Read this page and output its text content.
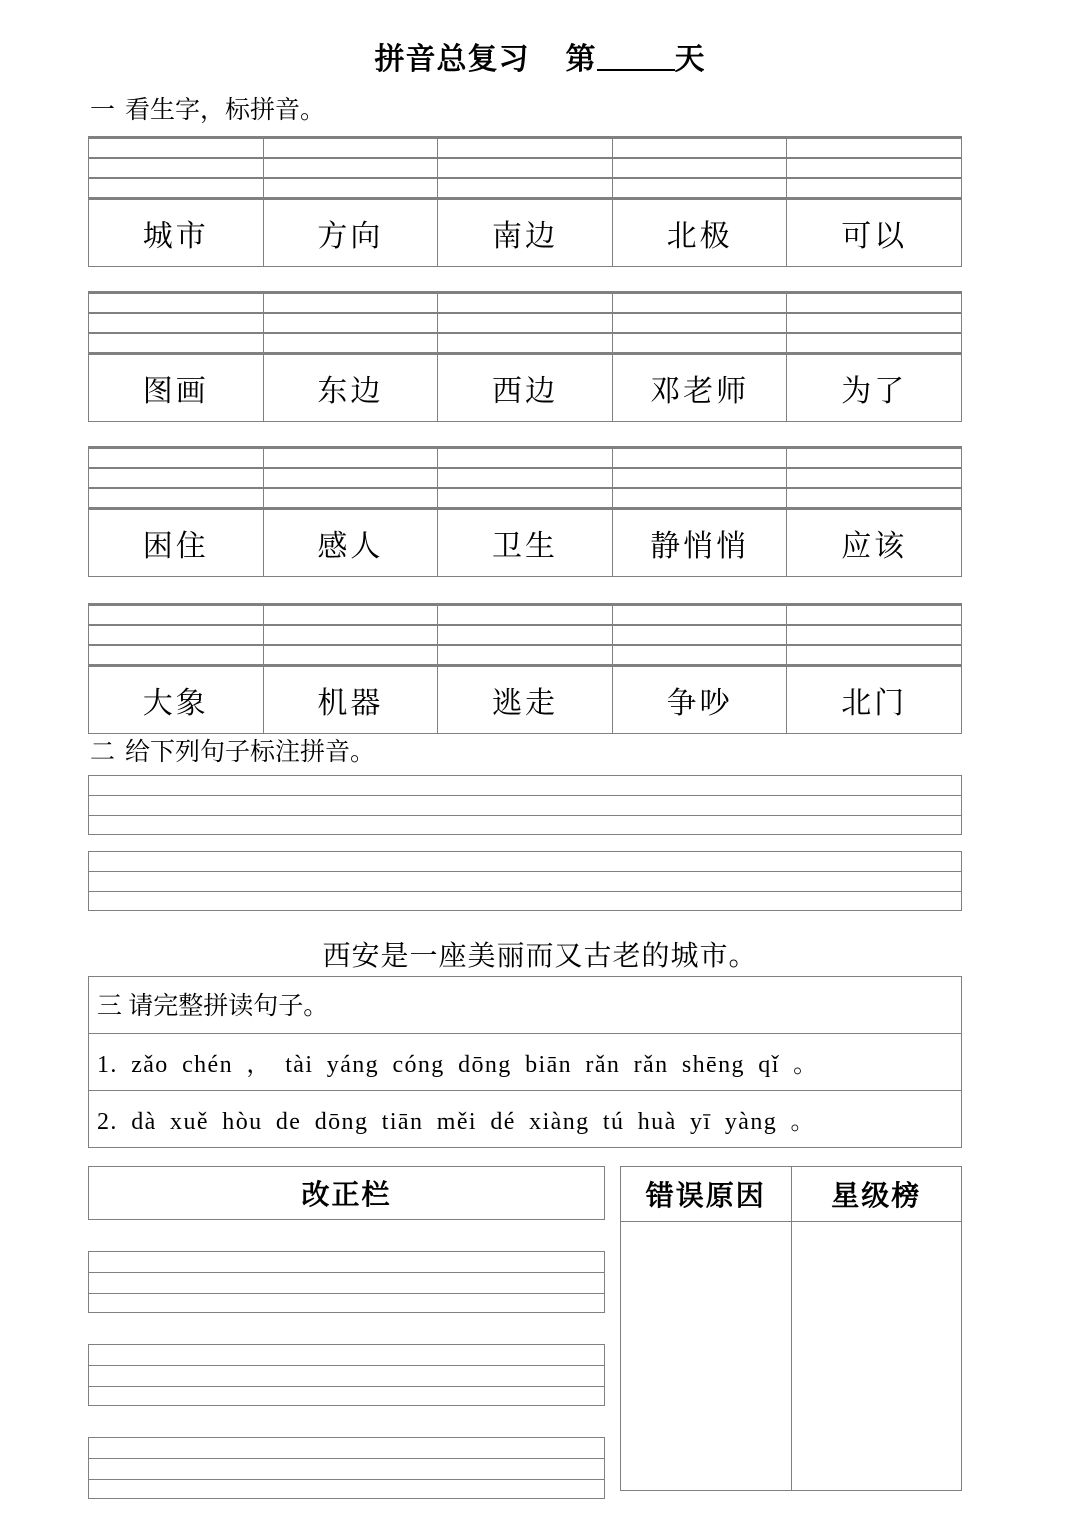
拼音总复习 第	天
一 看生字，标拼音。

城市	方向	南边	北极	可以

图画	东边	西边	邓老师	为了

困住	感人	卫生	静悄悄	应该

大象	机器	逃走	争吵	北门
二 给下列句子标注拼音。
西安是一座美丽而又古老的城市。
三 请完整拼读句子。
1. zǎo chén ， tài yáng cóng dōng biān rǎn rǎn shēng qǐ 。
2. dà xuě hòu de dōng tiān měi dé xiàng tú huà yī yàng 。
改正栏	错误原因	星级榜
